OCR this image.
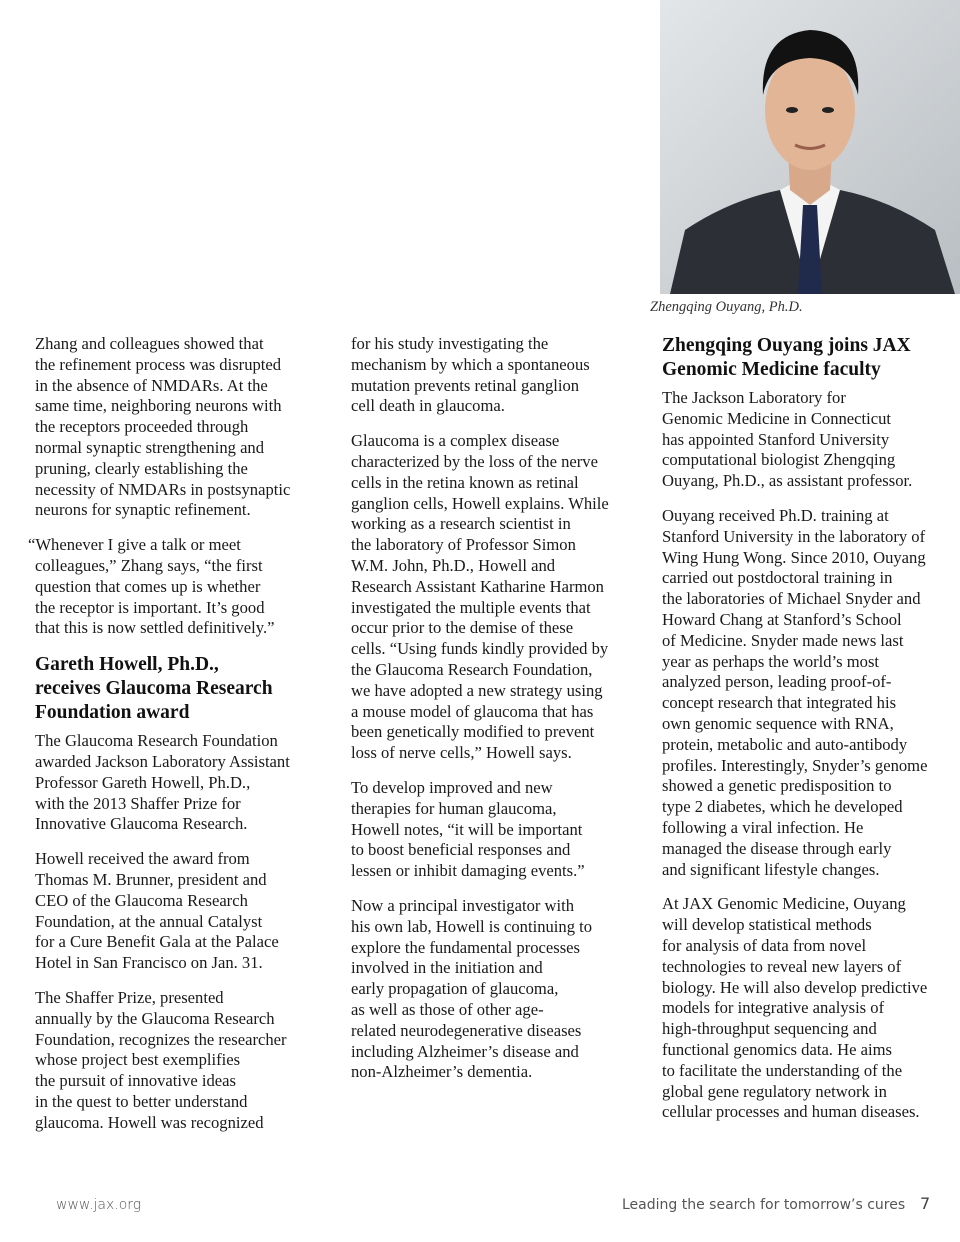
Zhengqing Ouyang, Ph.D.

Zhang and colleagues showed that
the refinement process was disrupted
in the absence of NMDARs. At the
same time, neighboring neurons with
the receptors proceeded through
normal synaptic strengthening and
pruning, clearly establishing the
necessity of NMDARs in postsynaptic
neurons for synaptic refinement.

“Whenever I give a talk or meet
colleagues,” Zhang says, “the first
question that comes up is whether
the receptor is important. It’s good
that this is now settled definitively.”

Gareth Howell, Ph.D.,
receives Glaucoma Research
Foundation award

The Glaucoma Research Foundation
awarded Jackson Laboratory Assistant
Professor Gareth Howell, Ph.D.,
with the 2013 Shaffer Prize for
Innovative Glaucoma Research.

Howell received the award from
Thomas M. Brunner, president and
CEO of the Glaucoma Research
Foundation, at the annual Catalyst
for a Cure Benefit Gala at the Palace
Hotel in San Francisco on Jan. 31.

The Shaffer Prize, presented
annually by the Glaucoma Research
Foundation, recognizes the researcher
whose project best exemplifies
the pursuit of innovative ideas
in the quest to better understand
glaucoma. Howell was recognized

for his study investigating the
mechanism by which a spontaneous
mutation prevents retinal ganglion
cell death in glaucoma.

Glaucoma is a complex disease
characterized by the loss of the nerve
cells in the retina known as retinal
ganglion cells, Howell explains. While
working as a research scientist in
the laboratory of Professor Simon
W.M. John, Ph.D., Howell and
Research Assistant Katharine Harmon
investigated the multiple events that
occur prior to the demise of these
cells. “Using funds kindly provided by
the Glaucoma Research Foundation,
we have adopted a new strategy using
a mouse model of glaucoma that has
been genetically modified to prevent
loss of nerve cells,” Howell says.

To develop improved and new
therapies for human glaucoma,
Howell notes, “it will be important
to boost beneficial responses and
lessen or inhibit damaging events.”

Now a principal investigator with
his own lab, Howell is continuing to
explore the fundamental processes
involved in the initiation and
early propagation of glaucoma,
as well as those of other age-
related neurodegenerative diseases
including Alzheimer’s disease and
non-Alzheimer’s dementia.

Zhengqing Ouyang joins JAX
Genomic Medicine faculty

The Jackson Laboratory for
Genomic Medicine in Connecticut
has appointed Stanford University
computational biologist Zhengqing
Ouyang, Ph.D., as assistant professor.

Ouyang received Ph.D. training at
Stanford University in the laboratory of
Wing Hung Wong. Since 2010, Ouyang
carried out postdoctoral training in
the laboratories of Michael Snyder and
Howard Chang at Stanford’s School
of Medicine. Snyder made news last
year as perhaps the world’s most
analyzed person, leading proof-of-
concept research that integrated his
own genomic sequence with RNA,
protein, metabolic and auto-antibody
profiles. Interestingly, Snyder’s genome
showed a genetic predisposition to
type 2 diabetes, which he developed
following a viral infection. He
managed the disease through early
and significant lifestyle changes.

At JAX Genomic Medicine, Ouyang
will develop statistical methods
for analysis of data from novel
technologies to reveal new layers of
biology. He will also develop predictive
models for integrative analysis of
high-throughput sequencing and
functional genomics data. He aims
to facilitate the understanding of the
global gene regulatory network in
cellular processes and human diseases.

www.jax.org	Leading the search for tomorrow’s cures 7
